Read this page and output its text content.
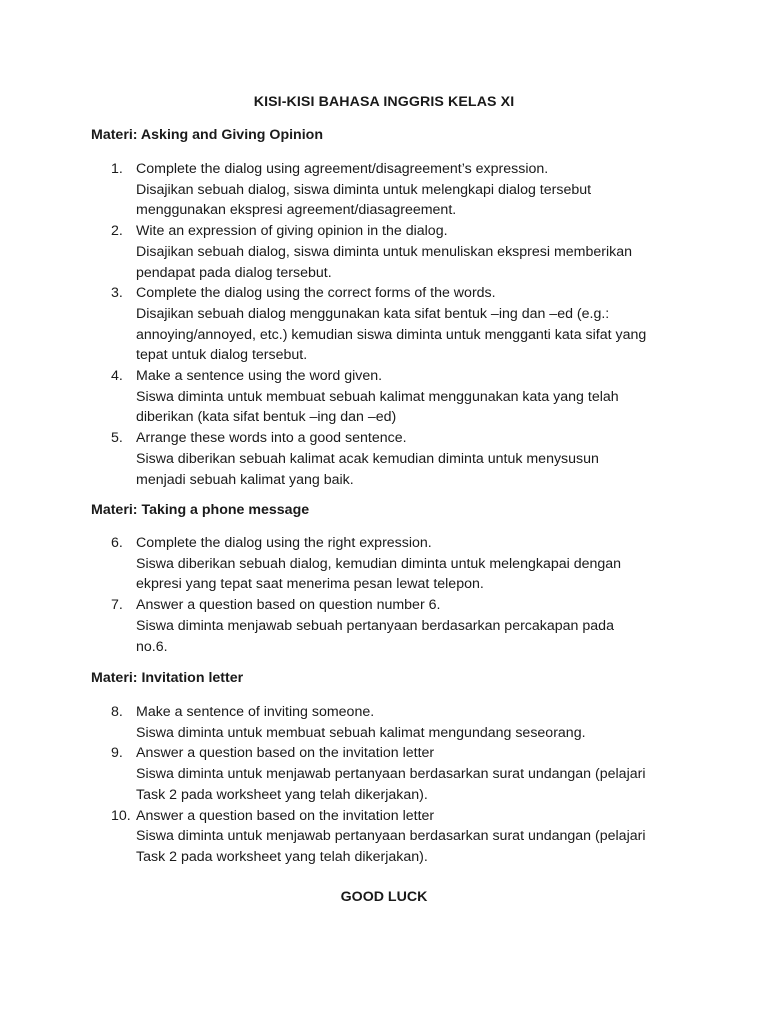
KISI-KISI BAHASA INGGRIS KELAS XI
Materi: Asking and Giving Opinion
1. Complete the dialog using agreement/disagreement’s expression.

Disajikan sebuah dialog, siswa diminta untuk melengkapi dialog tersebut

menggunakan ekspresi agreement/diasagreement.

2. Wite an expression of giving opinion in the dialog.

Disajikan sebuah dialog, siswa diminta untuk menuliskan ekspresi memberikan

pendapat pada dialog tersebut.

3. Complete the dialog using the correct forms of the words.

Disajikan sebuah dialog menggunakan kata sifat bentuk –ing dan –ed (e.g.:

annoying/annoyed, etc.) kemudian siswa diminta untuk mengganti kata sifat yang

tepat untuk dialog tersebut.

4. Make a sentence using the word given.

Siswa diminta untuk membuat sebuah kalimat menggunakan kata yang telah

diberikan (kata sifat bentuk –ing dan –ed)

5. Arrange these words into a good sentence.

Siswa diberikan sebuah kalimat acak kemudian diminta untuk menysusun

menjadi sebuah kalimat yang baik.

Materi: Taking a phone message
6. Complete the dialog using the right expression.

Siswa diberikan sebuah dialog, kemudian diminta untuk melengkapai dengan

ekpresi yang tepat saat menerima pesan lewat telepon.

7. Answer a question based on question number 6.

Siswa diminta menjawab sebuah pertanyaan berdasarkan percakapan pada

no.6.

Materi: Invitation letter
8. Make a sentence of inviting someone.

Siswa diminta untuk membuat sebuah kalimat mengundang seseorang.

9. Answer a question based on the invitation letter

Siswa diminta untuk menjawab pertanyaan berdasarkan surat undangan (pelajari

Task 2 pada worksheet yang telah dikerjakan).

10. Answer a question based on the invitation letter

Siswa diminta untuk menjawab pertanyaan berdasarkan surat undangan (pelajari

Task 2 pada worksheet yang telah dikerjakan).

GOOD LUCK
